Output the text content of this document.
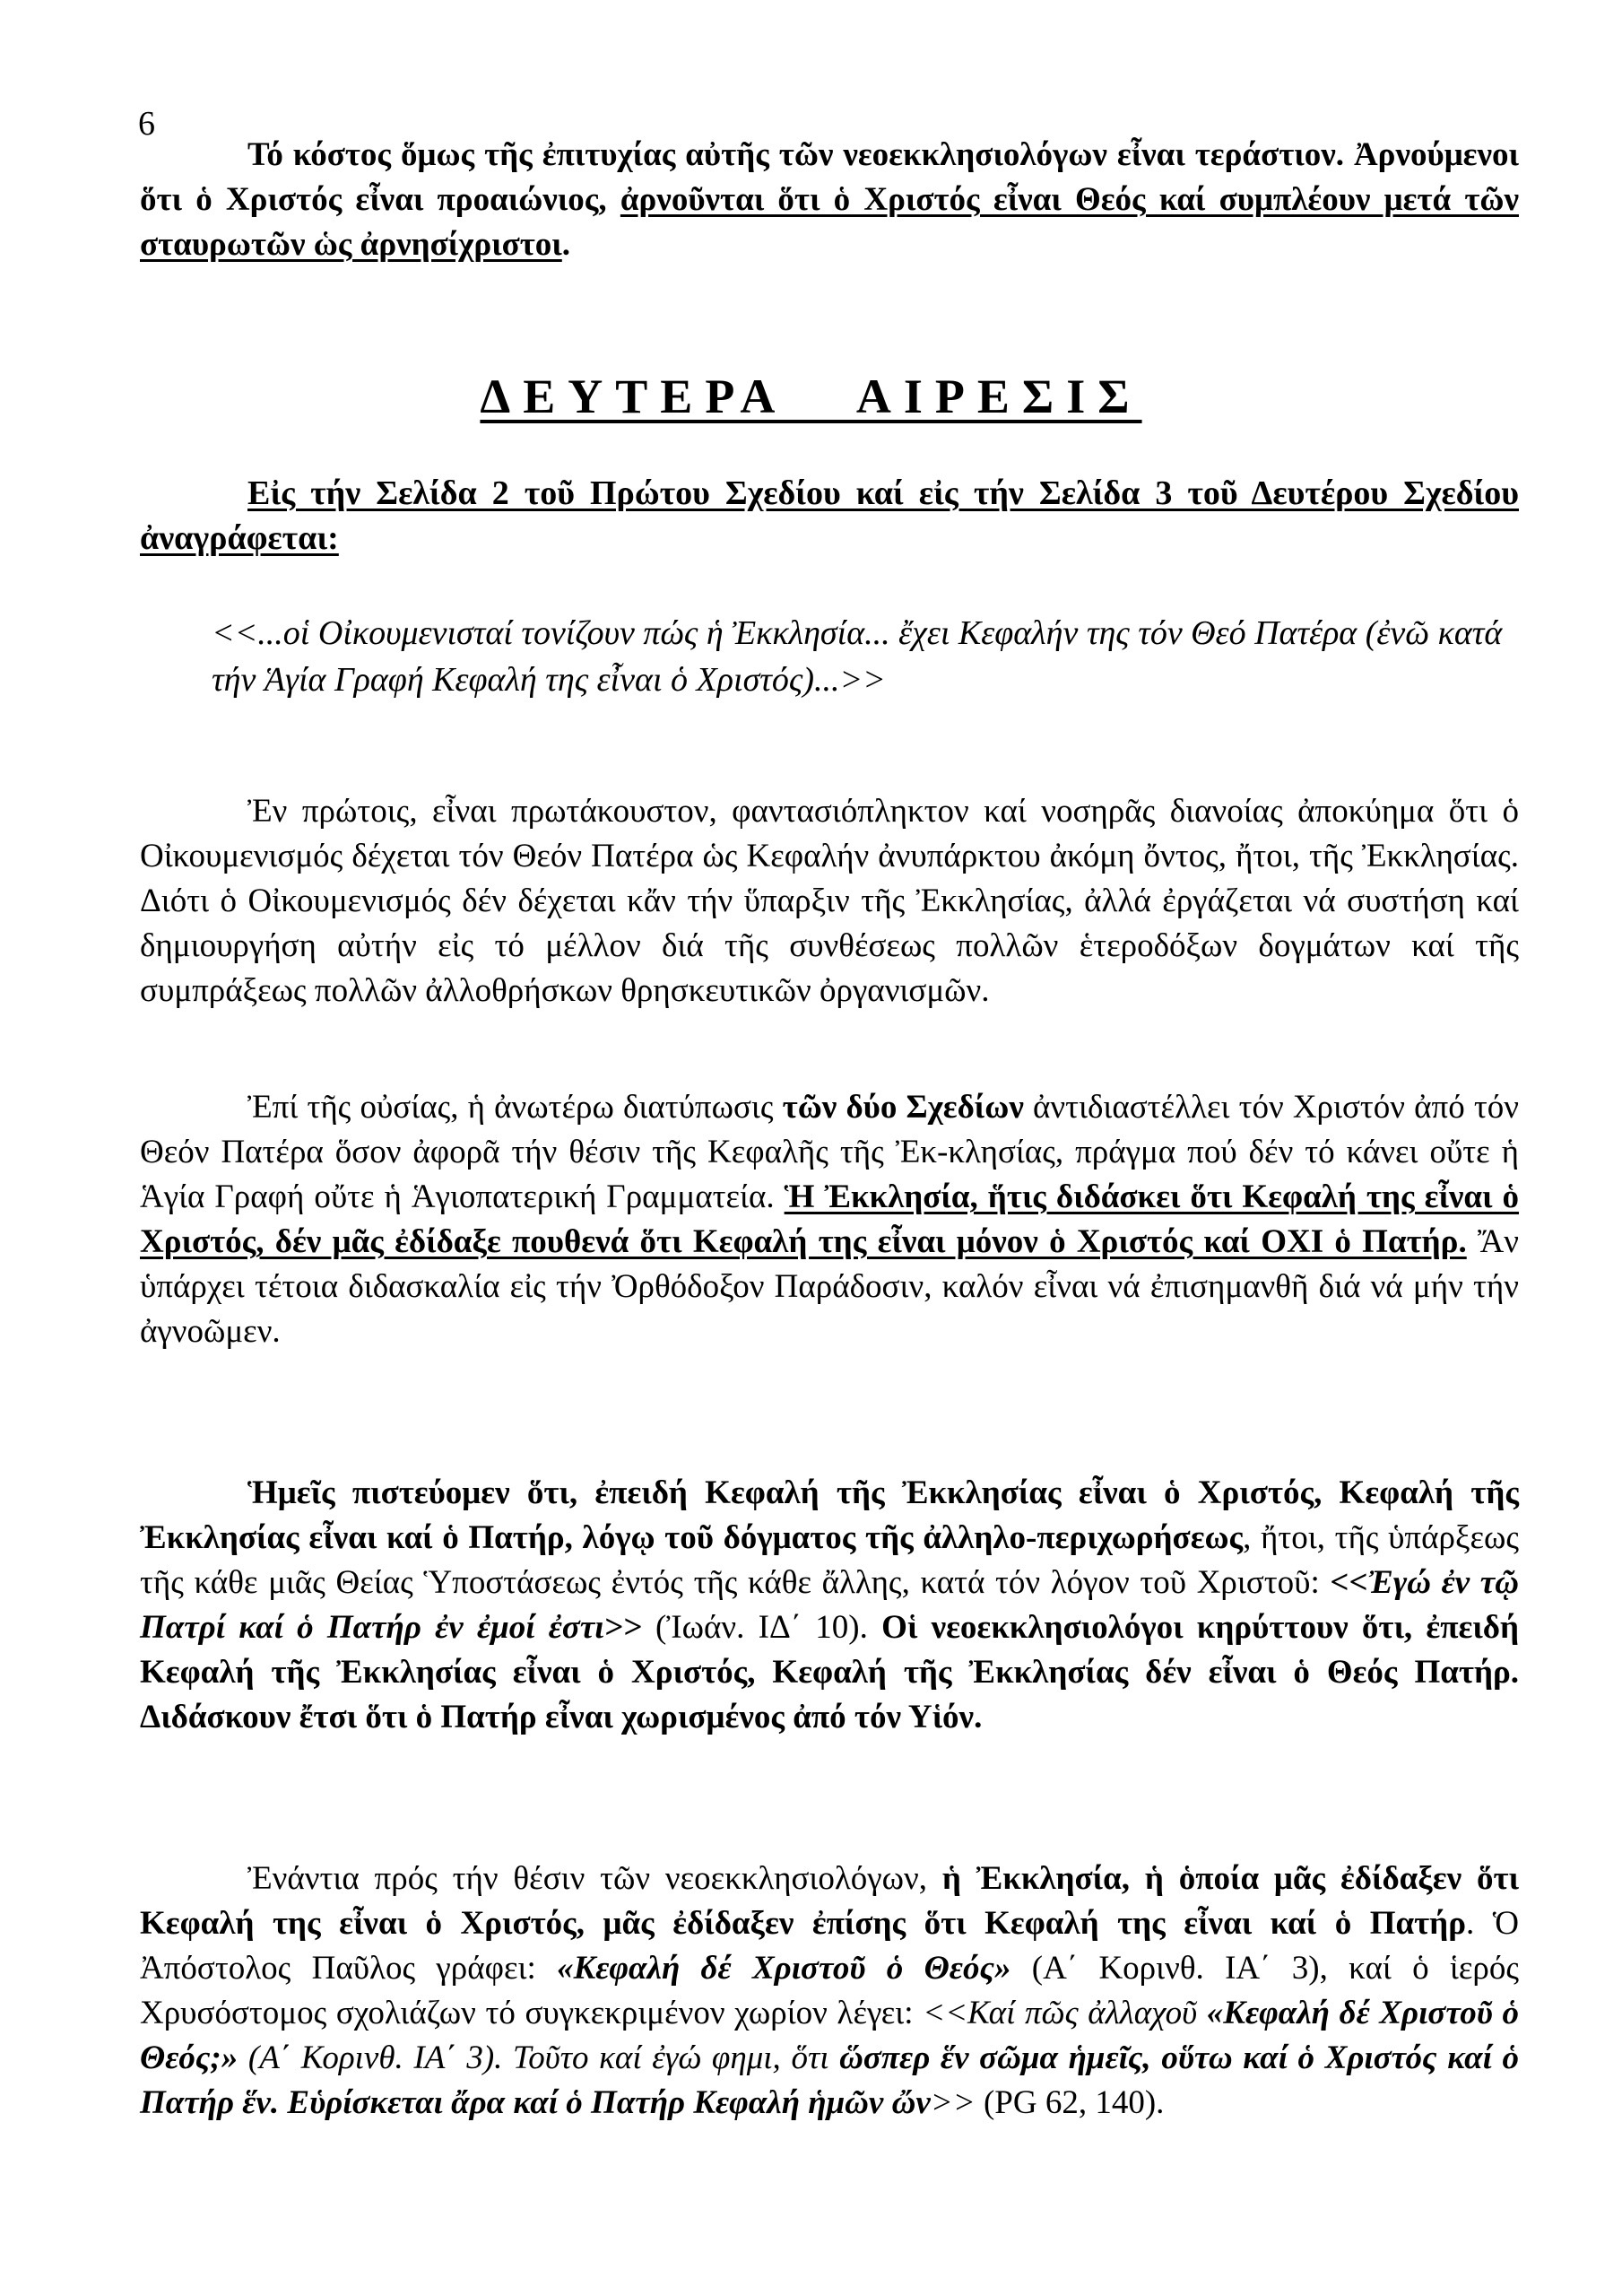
6

Τό κόστος ὅμως τῆς ἐπιτυχίας αὐτῆς τῶν νεοεκκλησιολόγων εἶναι τεράστιον. Ἀρνούμενοι ὅτι ὁ Χριστός εἶναι προαιώνιος, ἀρνοῦνται ὅτι ὁ Χριστός εἶναι Θεός καί συμπλέουν μετά τῶν σταυρωτῶν ὡς ἀρνησίχριστοι.

ΔΕΥΤΕΡΑ   ΑΙΡΕΣΙΣ

Εἰς τήν Σελίδα 2 τοῦ Πρώτου Σχεδίου καί εἰς τήν Σελίδα 3 τοῦ Δευτέρου Σχεδίου ἀναγράφεται:

<<...οἱ Οἰκουμενισταί τονίζουν πώς ἡ Ἐκκλησία... ἔχει Κεφαλήν της τόν Θεό Πατέρα (ἐνῶ κατά τήν Ἁγία Γραφή Κεφαλή της εἶναι ὁ Χριστός)...>>

Ἐν πρώτοις, εἶναι πρωτάκουστον, φαντασιόπληκτον καί νοσηρᾶς διανοίας ἀποκύημα ὅτι ὁ Οἰκουμενισμός δέχεται τόν Θεόν Πατέρα ὡς Κεφαλήν ἀνυπάρκτου ἀκόμη ὄντος, ἤτοι, τῆς Ἐκκλησίας. Διότι ὁ Οἰκουμενισμός δέν δέχεται κἄν τήν ὕπαρξιν τῆς Ἐκκλησίας, ἀλλά ἐργάζεται νά συστήση καί δημιουργήση αὐτήν εἰς τό μέλλον διά τῆς συνθέσεως πολλῶν ἑτεροδόξων δογμάτων καί τῆς συμπράξεως πολλῶν ἀλλοθρήσκων θρησκευτικῶν ὀργανισμῶν.

Ἐπί τῆς οὐσίας, ἡ ἀνωτέρω διατύπωσις τῶν δύο Σχεδίων ἀντιδιαστέλλει τόν Χριστόν ἀπό τόν Θεόν Πατέρα ὅσον ἀφορᾶ τήν θέσιν τῆς Κεφαλῆς τῆς Ἐκ-κλησίας, πράγμα πού δέν τό κάνει οὔτε ἡ Ἁγία Γραφή οὔτε ἡ Ἁγιοπατερική Γραμματεία. Ἡ Ἐκκλησία, ἥτις διδάσκει ὅτι Κεφαλή της εἶναι ὁ Χριστός, δέν μᾶς ἐδίδαξε πουθενά ὅτι Κεφαλή της εἶναι μόνον ὁ Χριστός καί ΟΧΙ ὁ Πατήρ. Ἄν ὑπάρχει τέτοια διδασκαλία εἰς τήν Ὀρθόδοξον Παράδοσιν, καλόν εἶναι νά ἐπισημανθῆ διά νά μήν τήν ἀγνοῶμεν.

Ἡμεῖς πιστεύομεν ὅτι, ἐπειδή Κεφαλή τῆς Ἐκκλησίας εἶναι ὁ Χριστός, Κεφαλή τῆς Ἐκκλησίας εἶναι καί ὁ Πατήρ, λόγῳ τοῦ δόγματος τῆς ἀλληλο-περιχωρήσεως, ἤτοι, τῆς ὑπάρξεως τῆς κάθε μιᾶς Θείας Ὑποστάσεως ἐντός τῆς κάθε ἄλλης, κατά τόν λόγον τοῦ Χριστοῦ: <<Ἐγώ ἐν τῷ Πατρί καί ὁ Πατήρ ἐν ἐμοί ἐστι>> (Ἰωάν. ΙΔ΄ 10). Οἱ νεοεκκλησιολόγοι κηρύττουν ὅτι, ἐπειδή Κεφαλή τῆς Ἐκκλησίας εἶναι ὁ Χριστός, Κεφαλή τῆς Ἐκκλησίας δέν εἶναι ὁ Θεός Πατήρ. Διδάσκουν ἔτσι ὅτι ὁ Πατήρ εἶναι χωρισμένος ἀπό τόν Υἱόν.

Ἐνάντια πρός τήν θέσιν τῶν νεοεκκλησιολόγων, ἡ Ἐκκλησία, ἡ ὁποία μᾶς ἐδίδαξεν ὅτι Κεφαλή της εἶναι ὁ Χριστός, μᾶς ἐδίδαξεν ἐπίσης ὅτι Κεφαλή της εἶναι καί ὁ Πατήρ. Ὁ Ἀπόστολος Παῦλος γράφει: «Κεφαλή δέ Χριστοῦ ὁ Θεός» (Α΄ Κορινθ. ΙΑ΄ 3), καί ὁ ἱερός Χρυσόστομος σχολιάζων τό συγκεκριμένον χωρίον λέγει: <<Καί πῶς ἀλλαχοῦ «Κεφαλή δέ Χριστοῦ ὁ Θεός;» (Α΄ Κορινθ. ΙΑ΄ 3). Τοῦτο καί ἐγώ φημι, ὅτι ὥσπερ ἕν σῶμα ἡμεῖς, οὕτω καί ὁ Χριστός καί ὁ Πατήρ ἕν. Εὑρίσκεται ἄρα καί ὁ Πατήρ Κεφαλή ἡμῶν ὤν>> (PG 62, 140).
